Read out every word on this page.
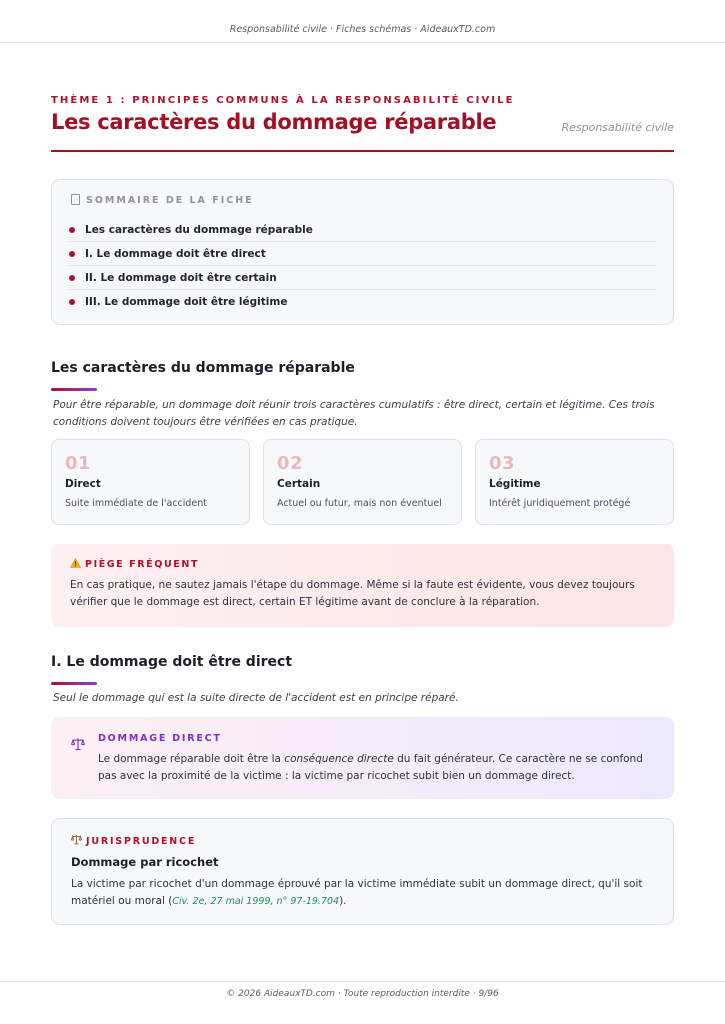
Responsabilité civile · Fiches schémas · AideauxTD.com
THÈME 1 : PRINCIPES COMMUNS À LA RESPONSABILITÉ CIVILE
Les caractères du dommage réparable	Responsabilité civile
SOMMAIRE DE LA FICHE
Les caractères du dommage réparable
I. Le dommage doit être direct
II. Le dommage doit être certain
III. Le dommage doit être légitime
Les caractères du dommage réparable
Pour être réparable, un dommage doit réunir trois caractères cumulatifs : être direct, certain et légitime. Ces trois conditions doivent toujours être vérifiées en cas pratique.
01
Direct
Suite immédiate de l'accident
02
Certain
Actuel ou futur, mais non éventuel
03
Légitime
Intérêt juridiquement protégé
PIÈGE FRÉQUENT
En cas pratique, ne sautez jamais l'étape du dommage. Même si la faute est évidente, vous devez toujours vérifier que le dommage est direct, certain ET légitime avant de conclure à la réparation.
I. Le dommage doit être direct
Seul le dommage qui est la suite directe de l'accident est en principe réparé.
DOMMAGE DIRECT
Le dommage réparable doit être la conséquence directe du fait générateur. Ce caractère ne se confond pas avec la proximité de la victime : la victime par ricochet subit bien un dommage direct.
JURISPRUDENCE
Dommage par ricochet
La victime par ricochet d'un dommage éprouvé par la victime immédiate subit un dommage direct, qu'il soit matériel ou moral (Civ. 2e, 27 mai 1999, n° 97-19.704).
© 2026 AideauxTD.com · Toute reproduction interdite · 9/96
